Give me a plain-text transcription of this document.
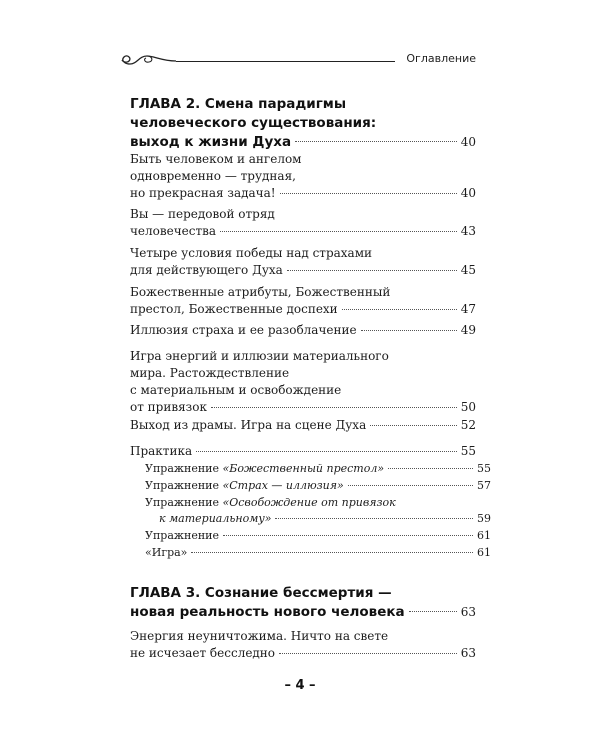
Оглавление
ГЛАВА 2. Смена парадигмы
человеческого существования:
выход к жизни Духа	40
Быть человеком и ангелом
одновременно — трудная,
но прекрасная задача!	40
Вы — передовой отряд
человечества	43
Четыре условия победы над страхами
для действующего Духа	45
Божественные атрибуты, Божественный
престол, Божественные доспехи	47
Иллюзия страха и ее разоблачение	49
Игра энергий и иллюзии материального
мира. Растождествление
с материальным и освобождение
от привязок	50
Выход из драмы. Игра на сцене Духа	52
Практика	55
Упражнение «Божественный престол»	55
Упражнение «Страх — иллюзия»	57
Упражнение «Освобождение от привязок
к материальному»	59
Упражнение	61
«Игра»	61
ГЛАВА 3. Сознание бессмертия —
новая реальность нового человека	63
Энергия неуничтожима. Ничто на свете
не исчезает бесследно	63
– 4 –
